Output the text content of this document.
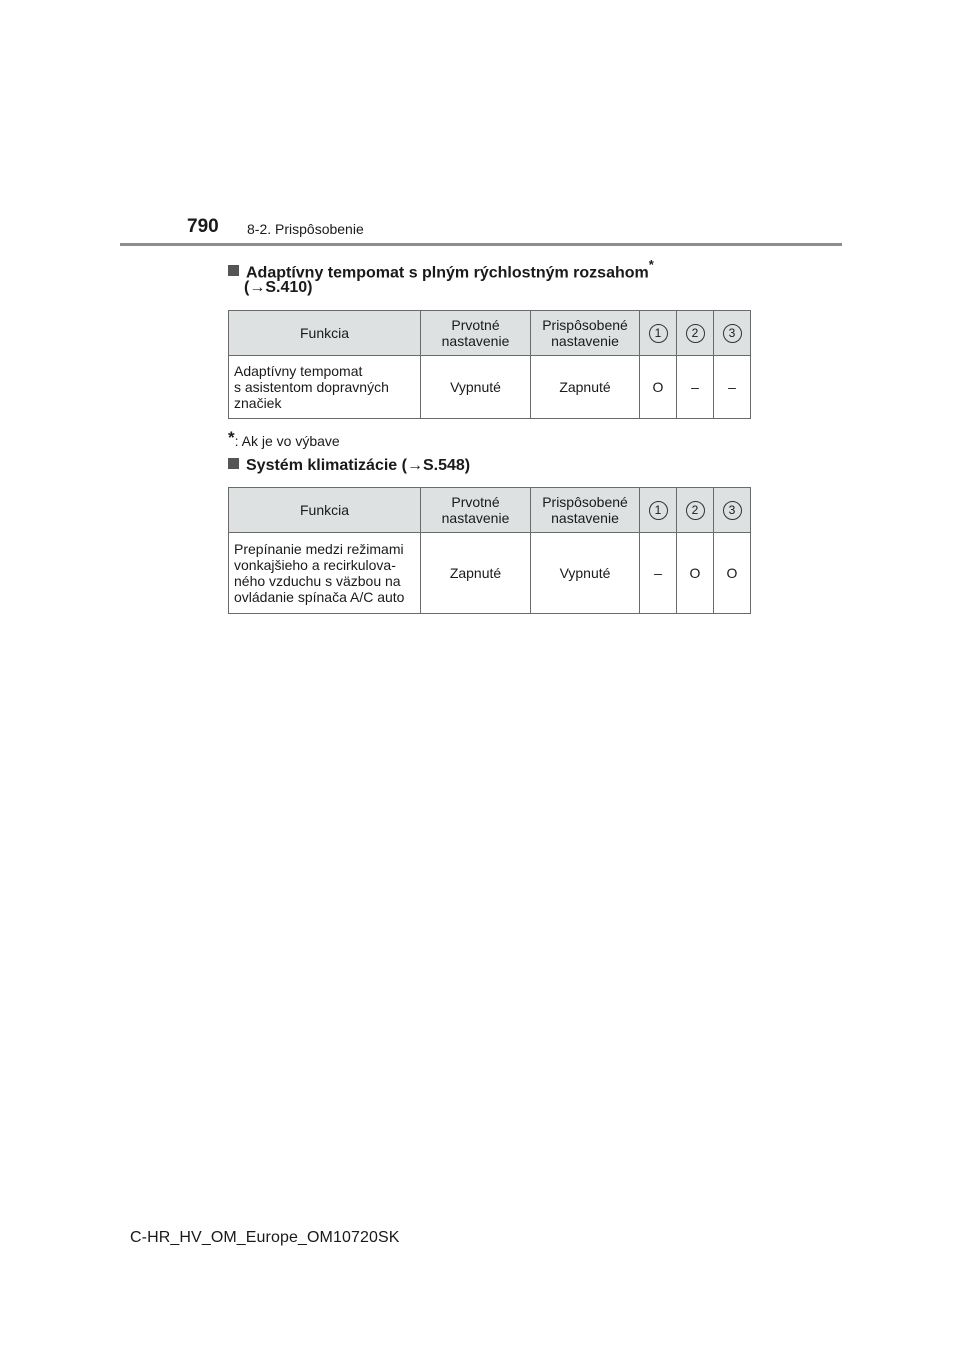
790 8-2. Prispôsobenie
Adaptívny tempomat s plným rýchlostným rozsahom*
(→S.410)
Funkcia	Prvotné nastavenie	Prispôsobené nastavenie	1	2	3

Adaptívny tempomat
s asistentom dopravných
značiek	Vypnuté	Zapnuté	O	–	–
*: Ak je vo výbave
Systém klimatizácie (→S.548)
Funkcia	Prvotné nastavenie	Prispôsobené nastavenie	1	2	3

Prepínanie medzi režimami
vonkajšieho a recirkulova-
ného vzduchu s väzbou na
ovládanie spínača A/C auto	Zapnuté	Vypnuté	–	O	O
C-HR_HV_OM_Europe_OM10720SK
